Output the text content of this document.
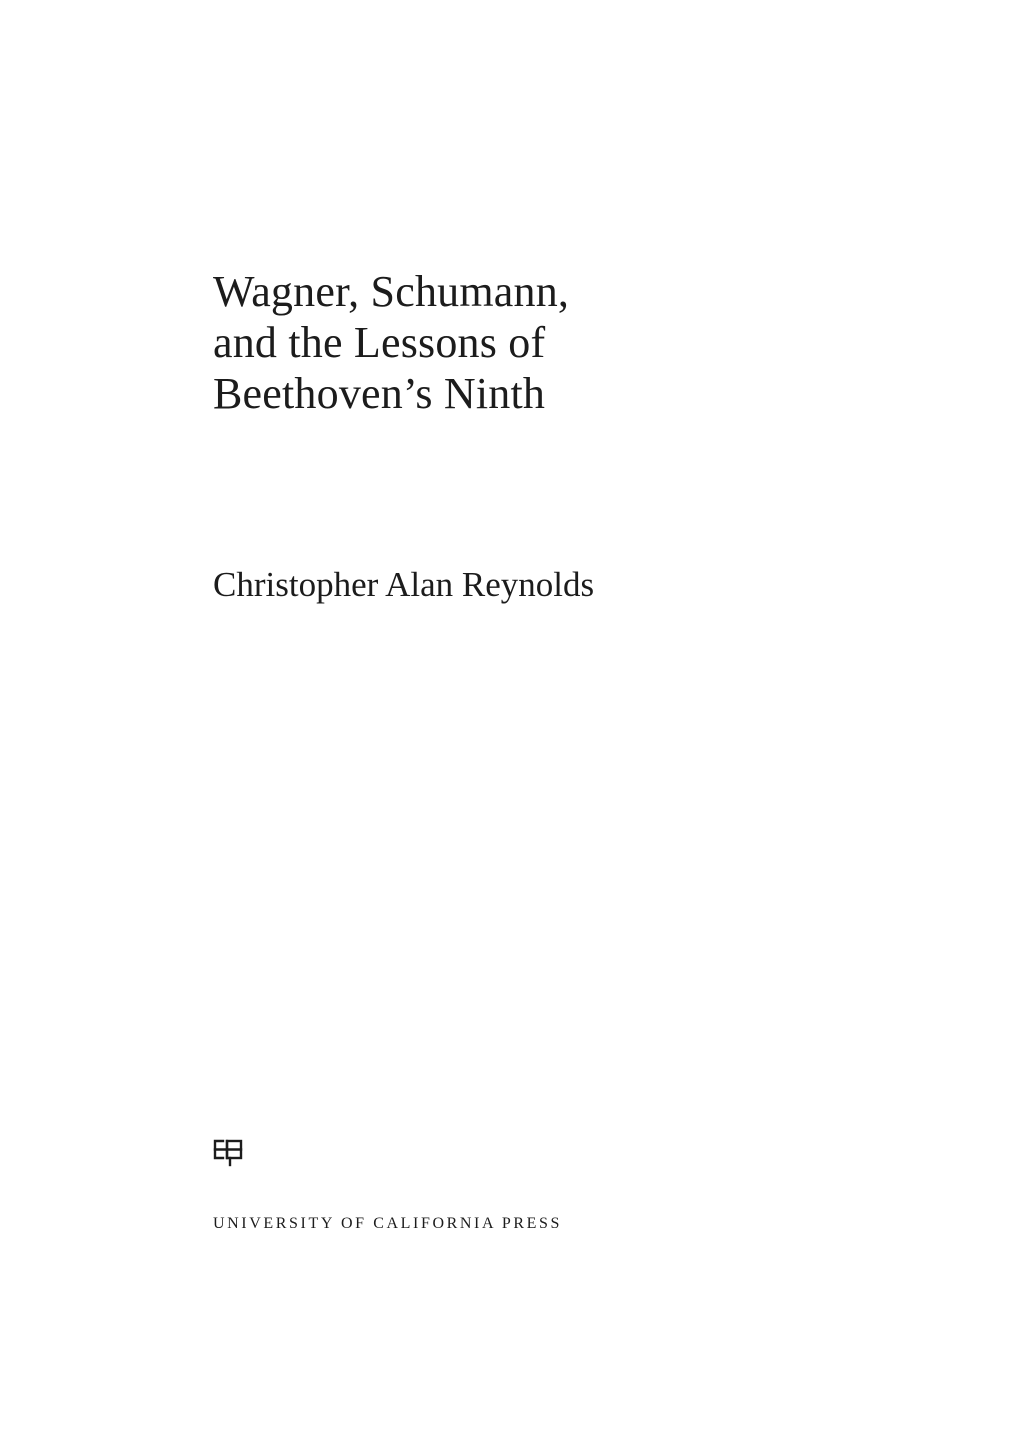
Wagner, Schumann,
and the Lessons of
Beethoven’s Ninth

Christopher Alan Reynolds

UNIVERSITY OF CALIFORNIA PRESS
